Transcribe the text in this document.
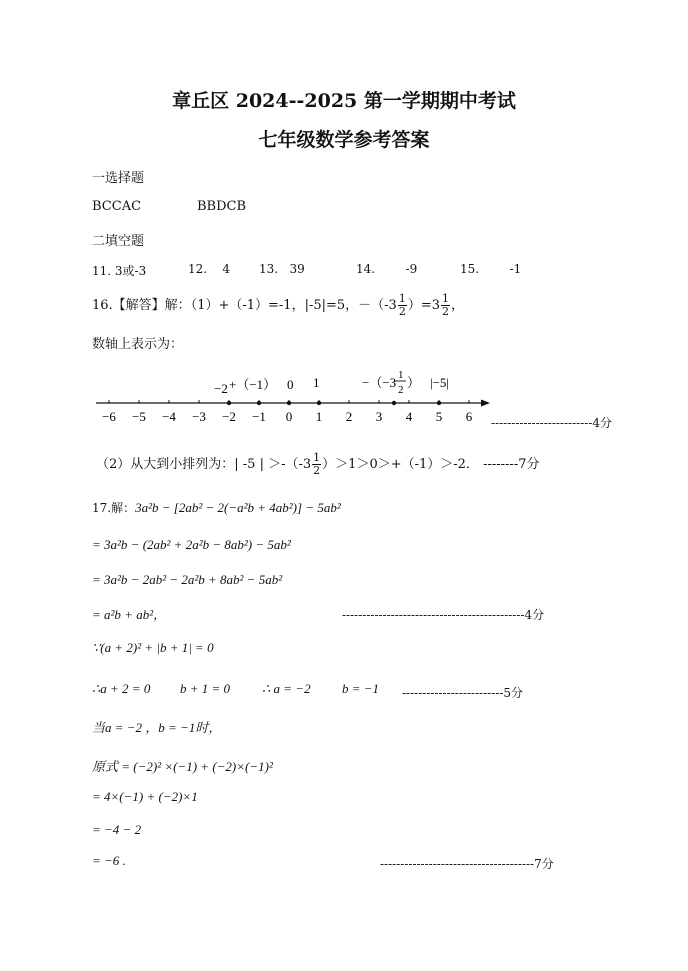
章丘区 2024--2025 第一学期期中考试
七年级数学参考答案
一选择题
BCCAC	BBDCB
二填空题
11. 3或-3	12. 4 13. 39	14.	-9	15.	-1
16.【解答】解：（1）+（-1）=-1，|-5|=5，$-(-3 \frac{1}{2} )=3 \frac{1}{2}$ ，
数轴上表示为：
−6 −5 −4 −3 −2 −1 0 1 2 3 4 5 6
−2 +（−1） 0 1	−（−3 1
2 ） |−5|
-------------------------4分
（2）从大到小排列为：| -5 | $>-(-3 \frac{1}{2} )>1>0>+(-1)>-2$． --------7分
17.解：3a²b − [2ab² − 2(−a²b + 4ab²)] − 5ab²
= 3a²b − (2ab² + 2a²b − 8ab²) − 5ab²
= 3a²b − 2ab² − 2a²b + 8ab² − 5ab²
= a²b + ab²，	---------------------------------------------4分
∵(a + 2)² + |b + 1| = 0
∴a + 2 = 0 b + 1 = 0 ∴ a = −2 b = −1 -------------------------5分
当a = −2 ，b = −1时，
原式 = (−2)² ×(−1) + (−2)×(−1)²
= 4×(−1) + (−2)×1
= −4 − 2
= −6 .	--------------------------------------7分
